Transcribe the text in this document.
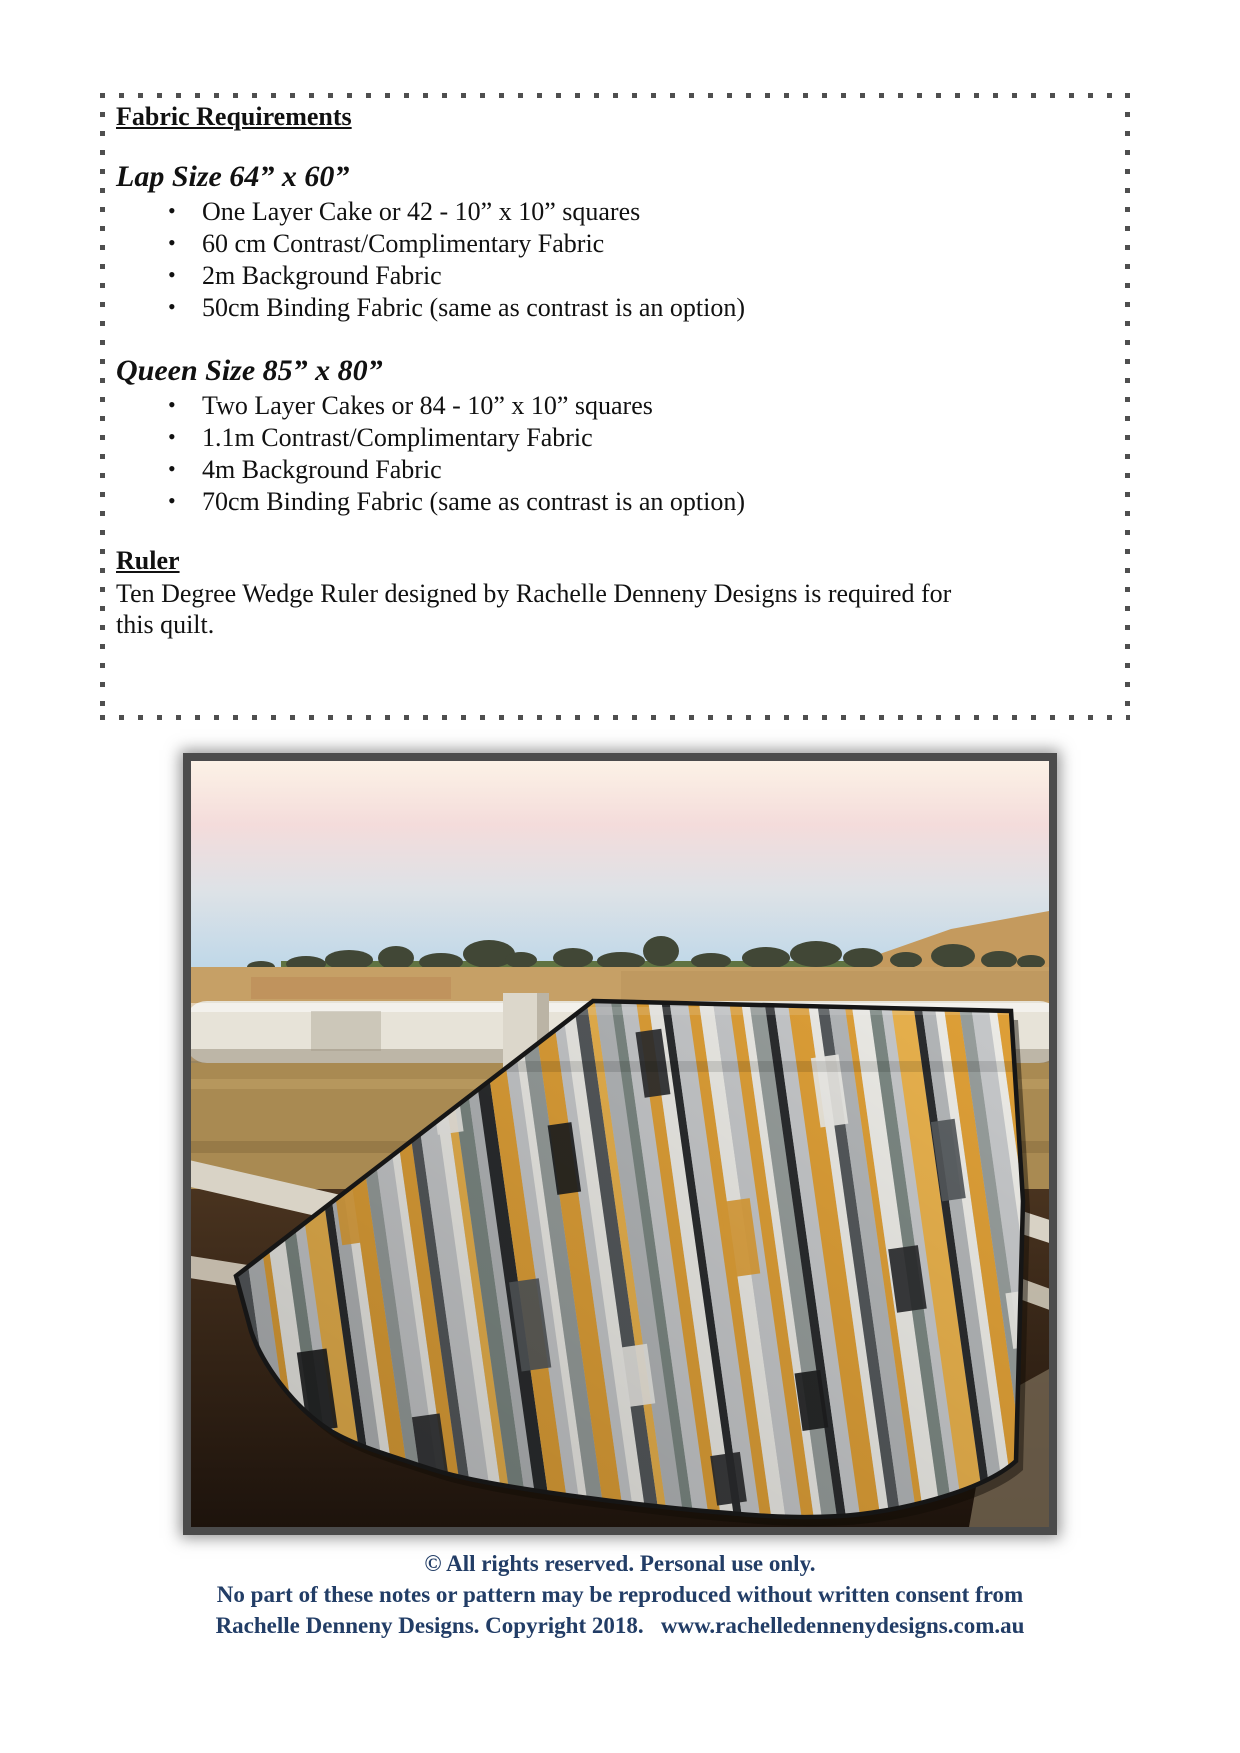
Fabric Requirements
Lap Size 64” x 60”
• One Layer Cake or 42 - 10” x 10” squares
• 60 cm Contrast/Complimentary Fabric
• 2m Background Fabric
• 50cm Binding Fabric (same as contrast is an option)
Queen Size 85” x 80”
• Two Layer Cakes or 84 - 10” x 10” squares
• 1.1m Contrast/Complimentary Fabric
• 4m Background Fabric
• 70cm Binding Fabric (same as contrast is an option)
Ruler
Ten Degree Wedge Ruler designed by Rachelle Denneny Designs is required for
this quilt.
© All rights reserved. Personal use only.
No part of these notes or pattern may be reproduced without written consent from
Rachelle Denneny Designs. Copyright 2018.   www.rachelledennenydesigns.com.au
